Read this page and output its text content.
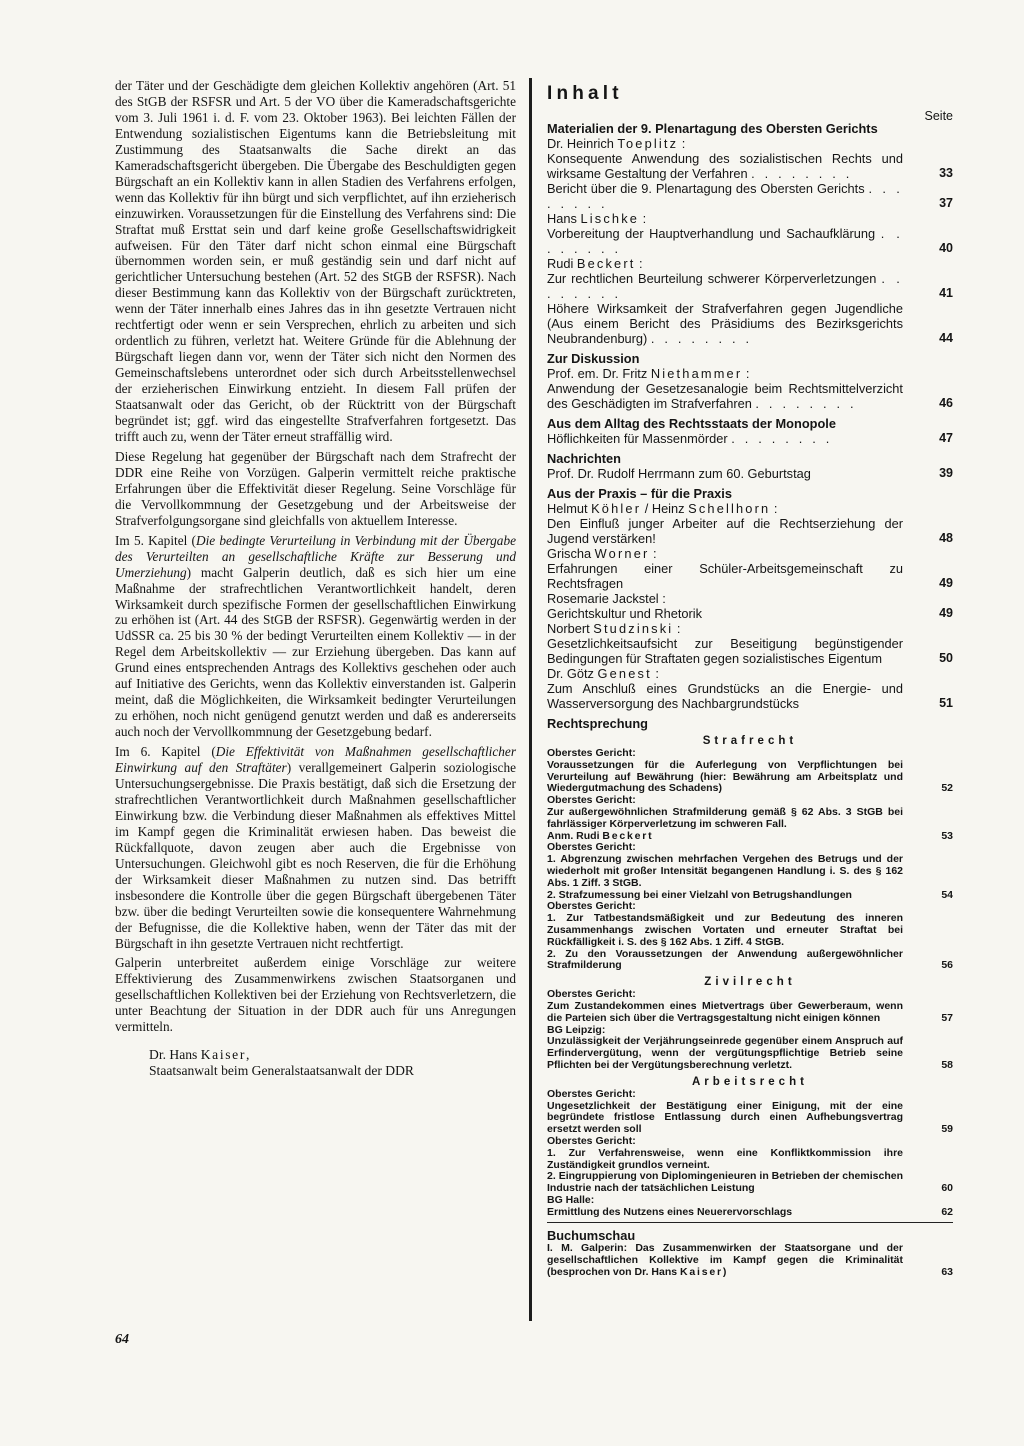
der Täter und der Geschädigte dem gleichen Kollektiv angehören (Art. 51 des StGB der RSFSR und Art. 5 der VO über die Kameradschaftsgerichte vom 3. Juli 1961 i. d. F. vom 23. Oktober 1963). Bei leichten Fällen der Entwendung sozialistischen Eigentums kann die Betriebsleitung mit Zustimmung des Staatsanwalts die Sache direkt an das Kameradschaftsgericht übergeben. Die Übergabe des Beschuldigten gegen Bürgschaft an ein Kollektiv kann in allen Stadien des Verfahrens erfolgen, wenn das Kollektiv für ihn bürgt und sich verpflichtet, auf ihn erzieherisch einzuwirken. Voraussetzungen für die Einstellung des Verfahrens sind: Die Straftat muß Ersttat sein und darf keine große Gesellschaftswidrigkeit aufweisen. Für den Täter darf nicht schon einmal eine Bürgschaft übernommen worden sein, er muß geständig sein und darf nicht auf gerichtlicher Untersuchung bestehen (Art. 52 des StGB der RSFSR). Nach dieser Bestimmung kann das Kollektiv von der Bürgschaft zurücktreten, wenn der Täter innerhalb eines Jahres das in ihn gesetzte Vertrauen nicht rechtfertigt oder wenn er sein Versprechen, ehrlich zu arbeiten und sich ordentlich zu führen, verletzt hat. Weitere Gründe für die Ablehnung der Bürgschaft liegen dann vor, wenn der Täter sich nicht den Normen des Gemeinschaftslebens unterordnet oder sich durch Arbeitsstellenwechsel der erzieherischen Einwirkung entzieht. In diesem Fall prüfen der Staatsanwalt oder das Gericht, ob der Rücktritt von der Bürgschaft begründet ist; ggf. wird das eingestellte Strafverfahren fortgesetzt. Das trifft auch zu, wenn der Täter erneut straffällig wird.

Diese Regelung hat gegenüber der Bürgschaft nach dem Strafrecht der DDR eine Reihe von Vorzügen. Galperin vermittelt reiche praktische Erfahrungen über die Effektivität dieser Regelung. Seine Vorschläge für die Vervollkommnung der Gesetzgebung und der Arbeitsweise der Strafverfolgungsorgane sind gleichfalls von aktuellem Interesse.

Im 5. Kapitel (Die bedingte Verurteilung in Verbindung mit der Übergabe des Verurteilten an gesellschaftliche Kräfte zur Besserung und Umerziehung) macht Galperin deutlich, daß es sich hier um eine Maßnahme der strafrechtlichen Verantwortlichkeit handelt, deren Wirksamkeit durch spezifische Formen der gesellschaftlichen Einwirkung zu erhöhen ist (Art. 44 des StGB der RSFSR). Gegenwärtig werden in der UdSSR ca. 25 bis 30 % der bedingt Verurteilten einem Kollektiv — in der Regel dem Arbeitskollektiv — zur Erziehung übergeben. Das kann auf Grund eines entsprechenden Antrags des Kollektivs geschehen oder auch auf Initiative des Gerichts, wenn das Kollektiv einverstanden ist. Galperin meint, daß die Möglichkeiten, die Wirksamkeit bedingter Verurteilungen zu erhöhen, noch nicht genügend genutzt werden und daß es andererseits auch noch der Vervollkommnung der Gesetzgebung bedarf.

Im 6. Kapitel (Die Effektivität von Maßnahmen gesellschaftlicher Einwirkung auf den Straftäter) verallgemeinert Galperin soziologische Untersuchungsergebnisse. Die Praxis bestätigt, daß sich die Ersetzung der strafrechtlichen Verantwortlichkeit durch Maßnahmen gesellschaftlicher Einwirkung bzw. die Verbindung dieser Maßnahmen als effektives Mittel im Kampf gegen die Kriminalität erwiesen haben. Das beweist die Rückfallquote, davon zeugen aber auch die Ergebnisse von Untersuchungen. Gleichwohl gibt es noch Reserven, die für die Erhöhung der Wirksamkeit dieser Maßnahmen zu nutzen sind. Das betrifft insbesondere die Kontrolle über die gegen Bürgschaft übergebenen Täter bzw. über die bedingt Verurteilten sowie die konsequentere Wahrnehmung der Befugnisse, die die Kollektive haben, wenn der Täter das mit der Bürgschaft in ihn gesetzte Vertrauen nicht rechtfertigt.

Galperin unterbreitet außerdem einige Vorschläge zur weitere Effektivierung des Zusammenwirkens zwischen Staatsorganen und gesellschaftlichen Kollektiven bei der Erziehung von Rechtsverletzern, die unter Beachtung der Situation in der DDR auch für uns Anregungen vermitteln.

Dr. Hans Kaiser,
Staatsanwalt beim Generalstaatsanwalt der DDR
64
Inhalt
Seite
Materialien der 9. Plenartagung des Obersten Gerichts
Dr. Heinrich Toeplitz :
Konsequente Anwendung des sozialistischen Rechts und wirksame Gestaltung der Verfahren . . . . . . . .	33
Bericht über die 9. Plenartagung des Obersten Gerichts . . . . . . . .	37
Hans Lischke :
Vorbereitung der Hauptverhandlung und Sachaufklärung . . . . . . . .	40
Rudi Beckert :
Zur rechtlichen Beurteilung schwerer Körperverletzungen . . . . . . . .	41
Höhere Wirksamkeit der Strafverfahren gegen Jugendliche (Aus einem Bericht des Präsidiums des Bezirksgerichts Neubrandenburg) . . . . . . . .	44
Zur Diskussion
Prof. em. Dr. Fritz Niethammer :
Anwendung der Gesetzesanalogie beim Rechtsmittelverzicht des Geschädigten im Strafverfahren . . . . . . . .	46
Aus dem Alltag des Rechtsstaats der Monopole
Höflichkeiten für Massenmörder . . . . . . . .	47
Nachrichten
Prof. Dr. Rudolf Herrmann zum 60. Geburtstag	39
Aus der Praxis – für die Praxis
Helmut Köhler / Heinz Schellhorn :
Den Einfluß junger Arbeiter auf die Rechtserziehung der Jugend verstärken!	48
Grischa Worner :
Erfahrungen einer Schüler-Arbeitsgemeinschaft zu Rechtsfragen	49
Rosemarie Jackstel :
Gerichtskultur und Rhetorik	49
Norbert Studzinski :
Gesetzlichkeitsaufsicht zur Beseitigung begünstigender Bedingungen für Straftaten gegen sozialistisches Eigentum	50
Dr. Götz Genest :
Zum Anschluß eines Grundstücks an die Energie- und Wasserversorgung des Nachbargrundstücks	51
Rechtsprechung
Strafrecht
Oberstes Gericht:
Voraussetzungen für die Auferlegung von Verpflichtungen bei Verurteilung auf Bewährung (hier: Bewährung am Arbeitsplatz und Wiedergutmachung des Schadens)	52
Oberstes Gericht:
Zur außergewöhnlichen Strafmilderung gemäß § 62 Abs. 3 StGB bei fahrlässiger Körperverletzung im schweren Fall.
Anm. Rudi Beckert	53
Oberstes Gericht:
1. Abgrenzung zwischen mehrfachen Vergehen des Betrugs und der wiederholt mit großer Intensität begangenen Handlung i. S. des § 162 Abs. 1 Ziff. 3 StGB.
2. Strafzumessung bei einer Vielzahl von Betrugshandlungen	54
Oberstes Gericht:
1. Zur Tatbestandsmäßigkeit und zur Bedeutung des inneren Zusammenhangs zwischen Vortaten und erneuter Straftat bei Rückfälligkeit i. S. des § 162 Abs. 1 Ziff. 4 StGB.
2. Zu den Voraussetzungen der Anwendung außergewöhnlicher Strafmilderung	56
Zivilrecht
Oberstes Gericht:
Zum Zustandekommen eines Mietvertrags über Gewerberaum, wenn die Parteien sich über die Vertragsgestaltung nicht einigen können	57
BG Leipzig:
Unzulässigkeit der Verjährungseinrede gegenüber einem Anspruch auf Erfindervergütung, wenn der vergütungspflichtige Betrieb seine Pflichten bei der Vergütungsberechnung verletzt.	58
Arbeitsrecht
Oberstes Gericht:
Ungesetzlichkeit der Bestätigung einer Einigung, mit der eine begründete fristlose Entlassung durch einen Aufhebungsvertrag ersetzt werden soll	59
Oberstes Gericht:
1. Zur Verfahrensweise, wenn eine Konfliktkommission ihre Zuständigkeit grundlos verneint.
2. Eingruppierung von Diplomingenieuren in Betrieben der chemischen Industrie nach der tatsächlichen Leistung	60
BG Halle:
Ermittlung des Nutzens eines Neuerervorschlags	62
Buchumschau
I. M. Galperin: Das Zusammenwirken der Staatsorgane und der gesellschaftlichen Kollektive im Kampf gegen die Kriminalität (besprochen von Dr. Hans Kaiser)	63
